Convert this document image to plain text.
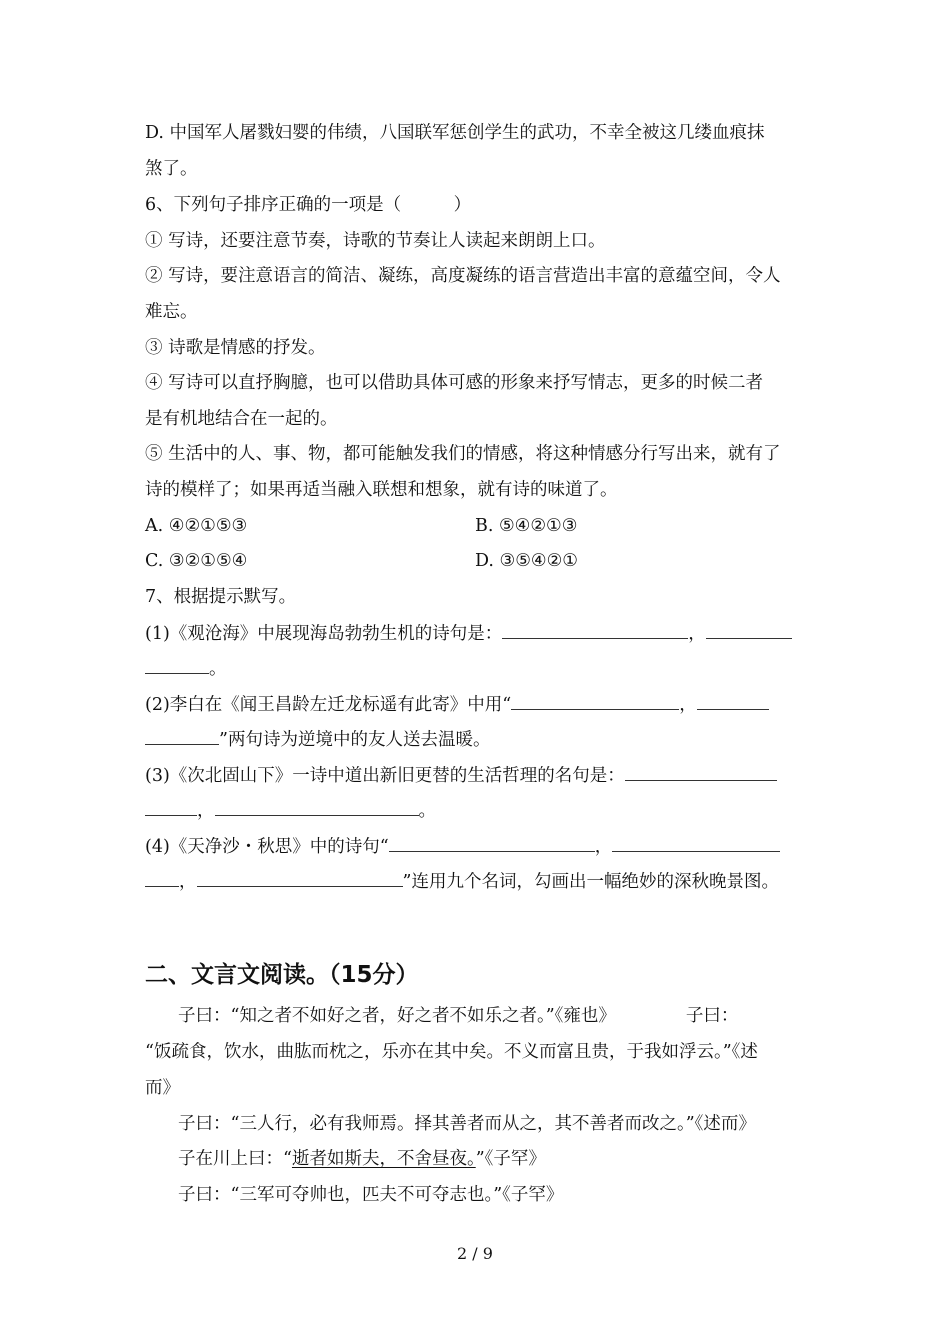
D. 中国军人屠戮妇婴的伟绩，八国联军惩创学生的武功，不幸全被这几缕血痕抹
煞了。
6、下列句子排序正确的一项是（　　　）
① 写诗，还要注意节奏，诗歌的节奏让人读起来朗朗上口。
② 写诗，要注意语言的简洁、凝练，高度凝练的语言营造出丰富的意蕴空间，令人
难忘。
③ 诗歌是情感的抒发。
④ 写诗可以直抒胸臆，也可以借助具体可感的形象来抒写情志，更多的时候二者
是有机地结合在一起的。
⑤ 生活中的人、事、物，都可能触发我们的情感，将这种情感分行写出来，就有了
诗的模样了；如果再适当融入联想和想象，就有诗的味道了。
A. ④②①⑤③	B. ⑤④②①③
C. ③②①⑤④	D. ③⑤④②①
7、根据提示默写。
(1)《观沧海》中展现海岛勃勃生机的诗句是：	，
。
(2)李白在《闻王昌龄左迁龙标遥有此寄》中用“	，
”两句诗为逆境中的友人送去温暖。
(3)《次北固山下》一诗中道出新旧更替的生活哲理的名句是：
，	。
(4)《天净沙・秋思》中的诗句“	，
，	”连用九个名词，勾画出一幅绝妙的深秋晚景图。
二、文言文阅读。（15分）
子曰：“知之者不如好之者，好之者不如乐之者。”《雍也》	子曰：
“饭疏食，饮水，曲肱而枕之，乐亦在其中矣。不义而富且贵，于我如浮云。”《述
而》
子曰：“三人行，必有我师焉。择其善者而从之，其不善者而改之。”《述而》
子在川上曰：“逝者如斯夫，不舍昼夜。”《子罕》
子曰：“三军可夺帅也，匹夫不可夺志也。”《子罕》
2 / 9
